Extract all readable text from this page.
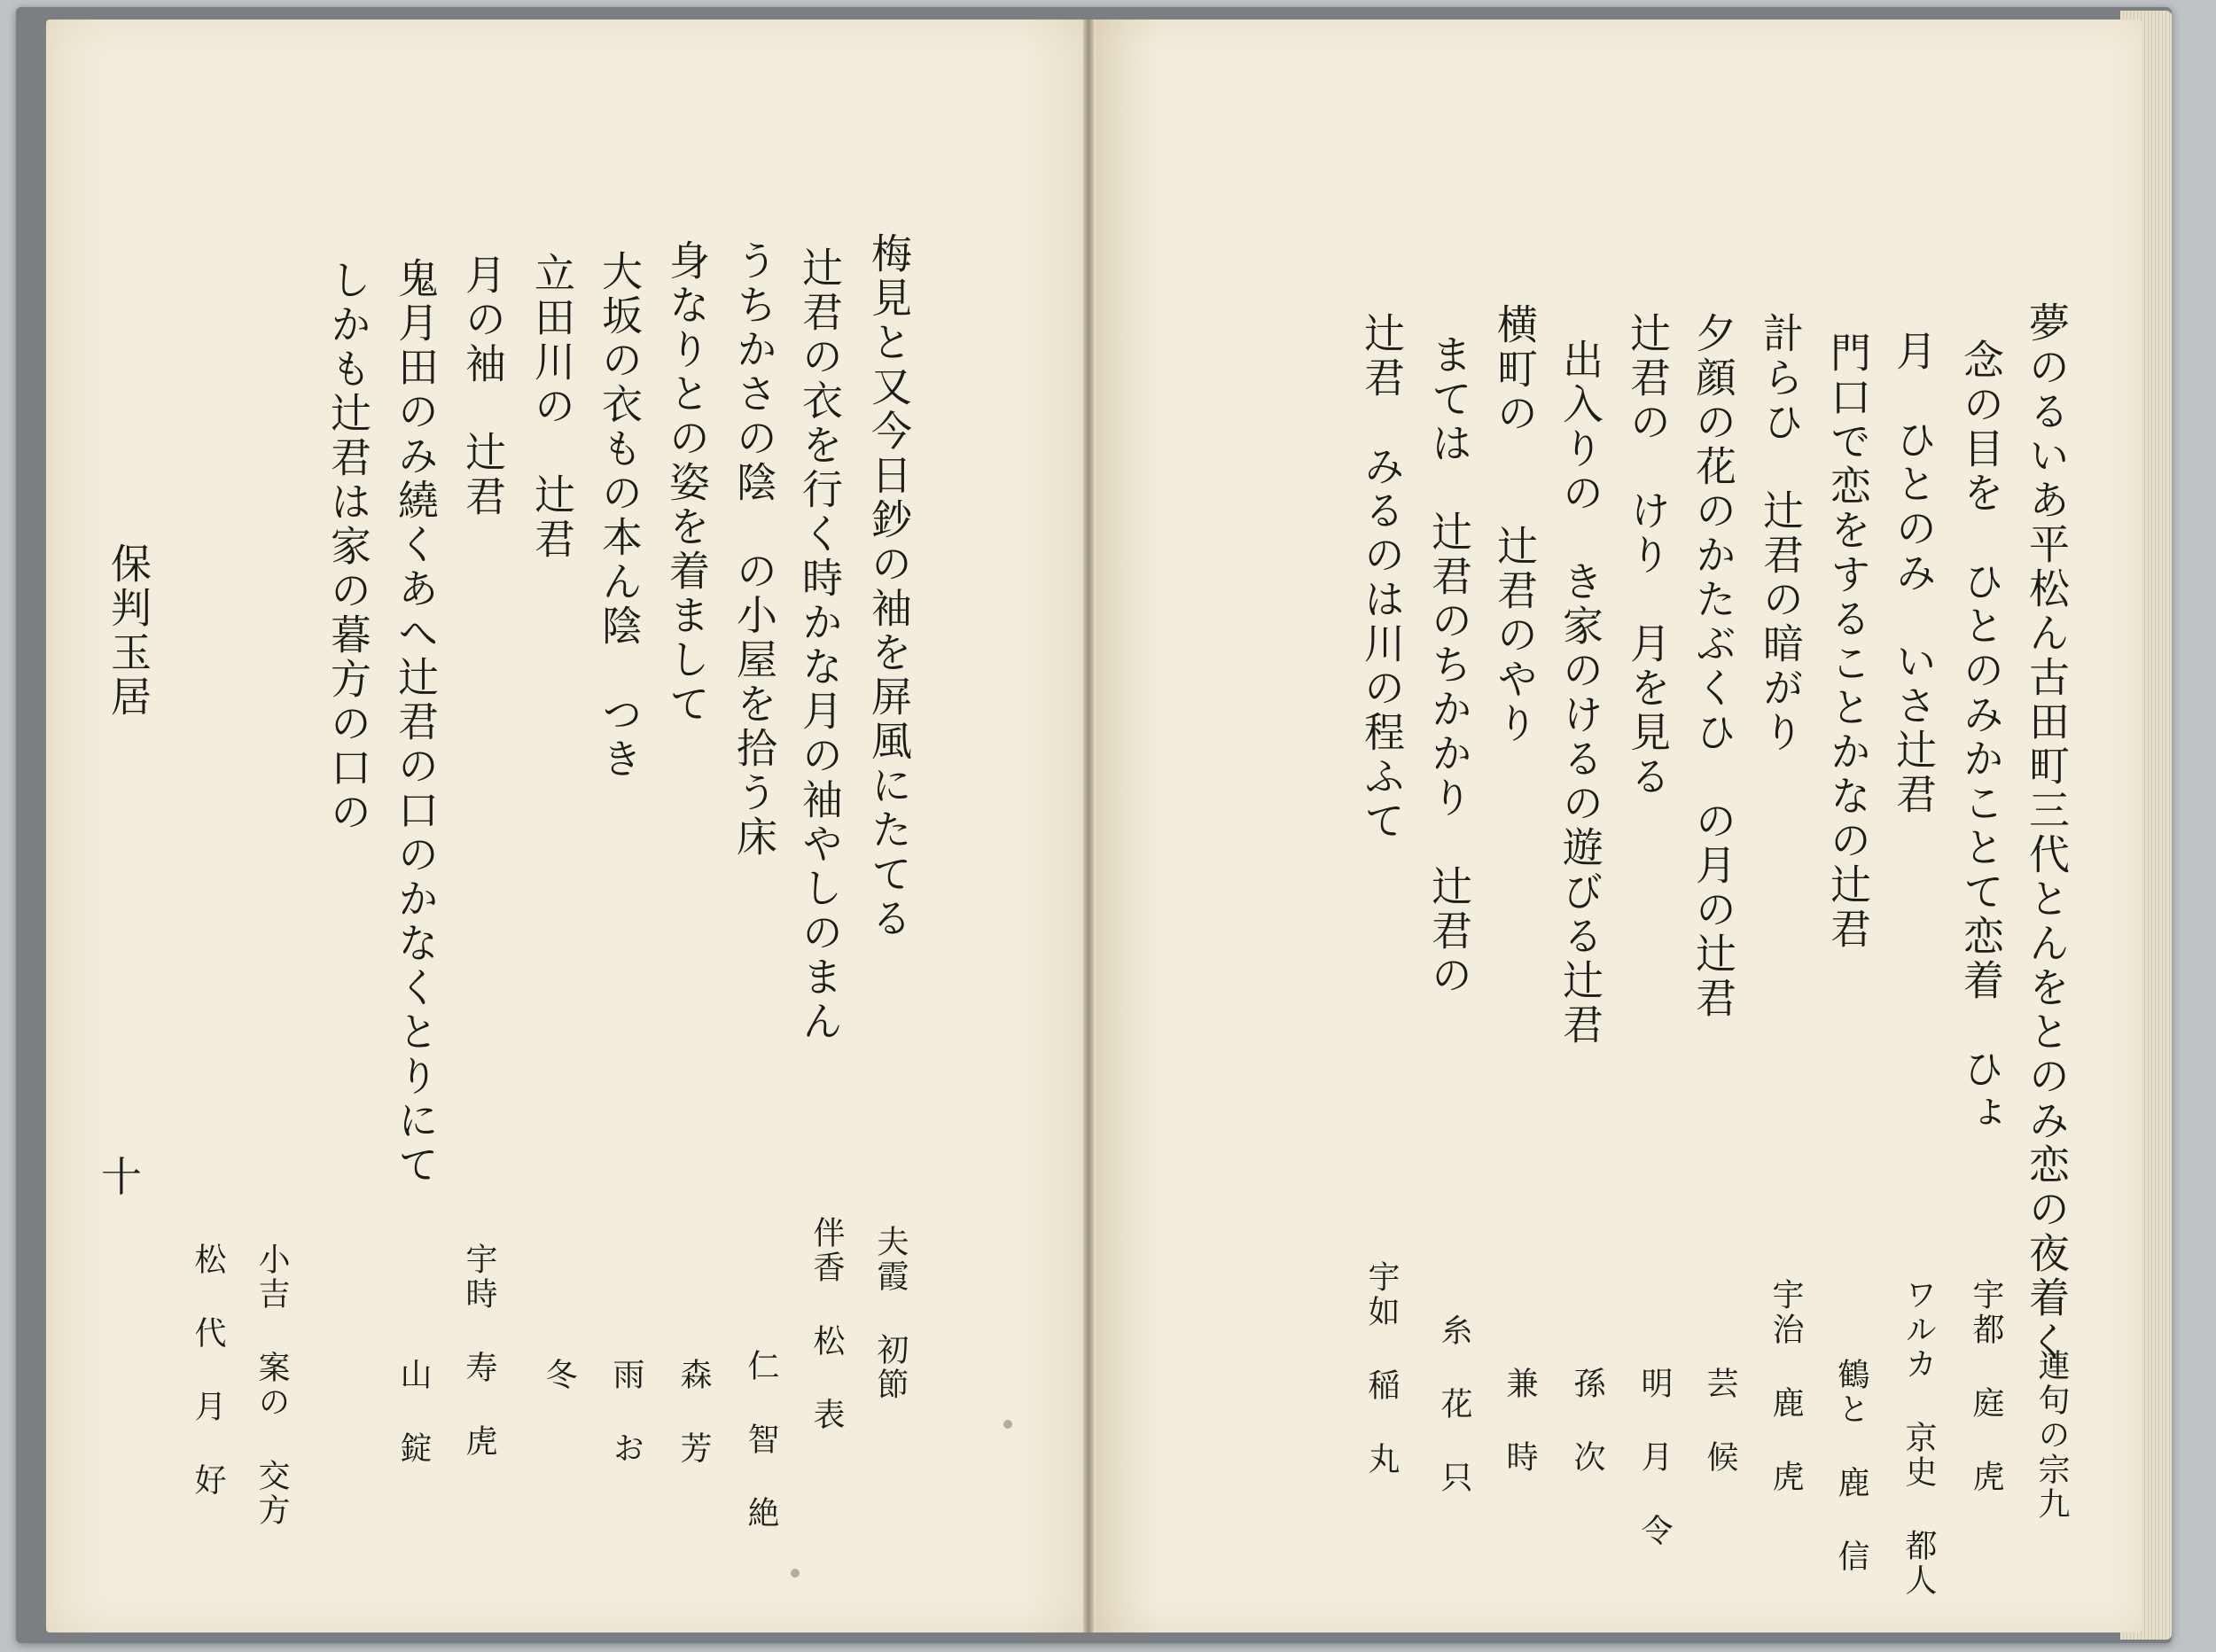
梅見と又今日鈔の袖を屏風にたてる
辻君の衣を行く時かな月の袖やしのまん
うちかさの陰　の小屋を拾う床
身なりとの姿を着まして
大坂の衣もの本ん陰　つき
立田川の　辻君
月の袖　辻君
鬼月田のみ繞くあへ辻君の口のかなくとりにて
しかも辻君は家の暮方の口の
夫霞 初節
伴香 松 表
仁 智 絶
森 芳
雨 お
冬
宇時 寿 虎
山 錠
小吉 案の 交方
松 代 月 好
保判玉居
十	夢のるいあ平松ん古田町三代とんをとのみ恋の夜着く
念の目を　ひとのみかことて恋着　ひょ
月　ひとのみ　いさ辻君
門口で恋をすることかなの辻君
計らひ　辻君の暗がり
夕顔の花のかたぶくひ　の月の辻君
辻君の　けり　月を見る
出入りの　き家のけるの遊びる辻君
横町の　　辻君のやり
まては　辻君のちかかり　辻君の
辻君　みるのは川の程ふて
連句の宗九
宇都 庭 虎
ワルカ 京史 都人
鶴と 鹿 信
宇治 鹿 虎
芸 候
明 月 令
孫 次
兼 時
糸 花 只
宇如 稲 丸
